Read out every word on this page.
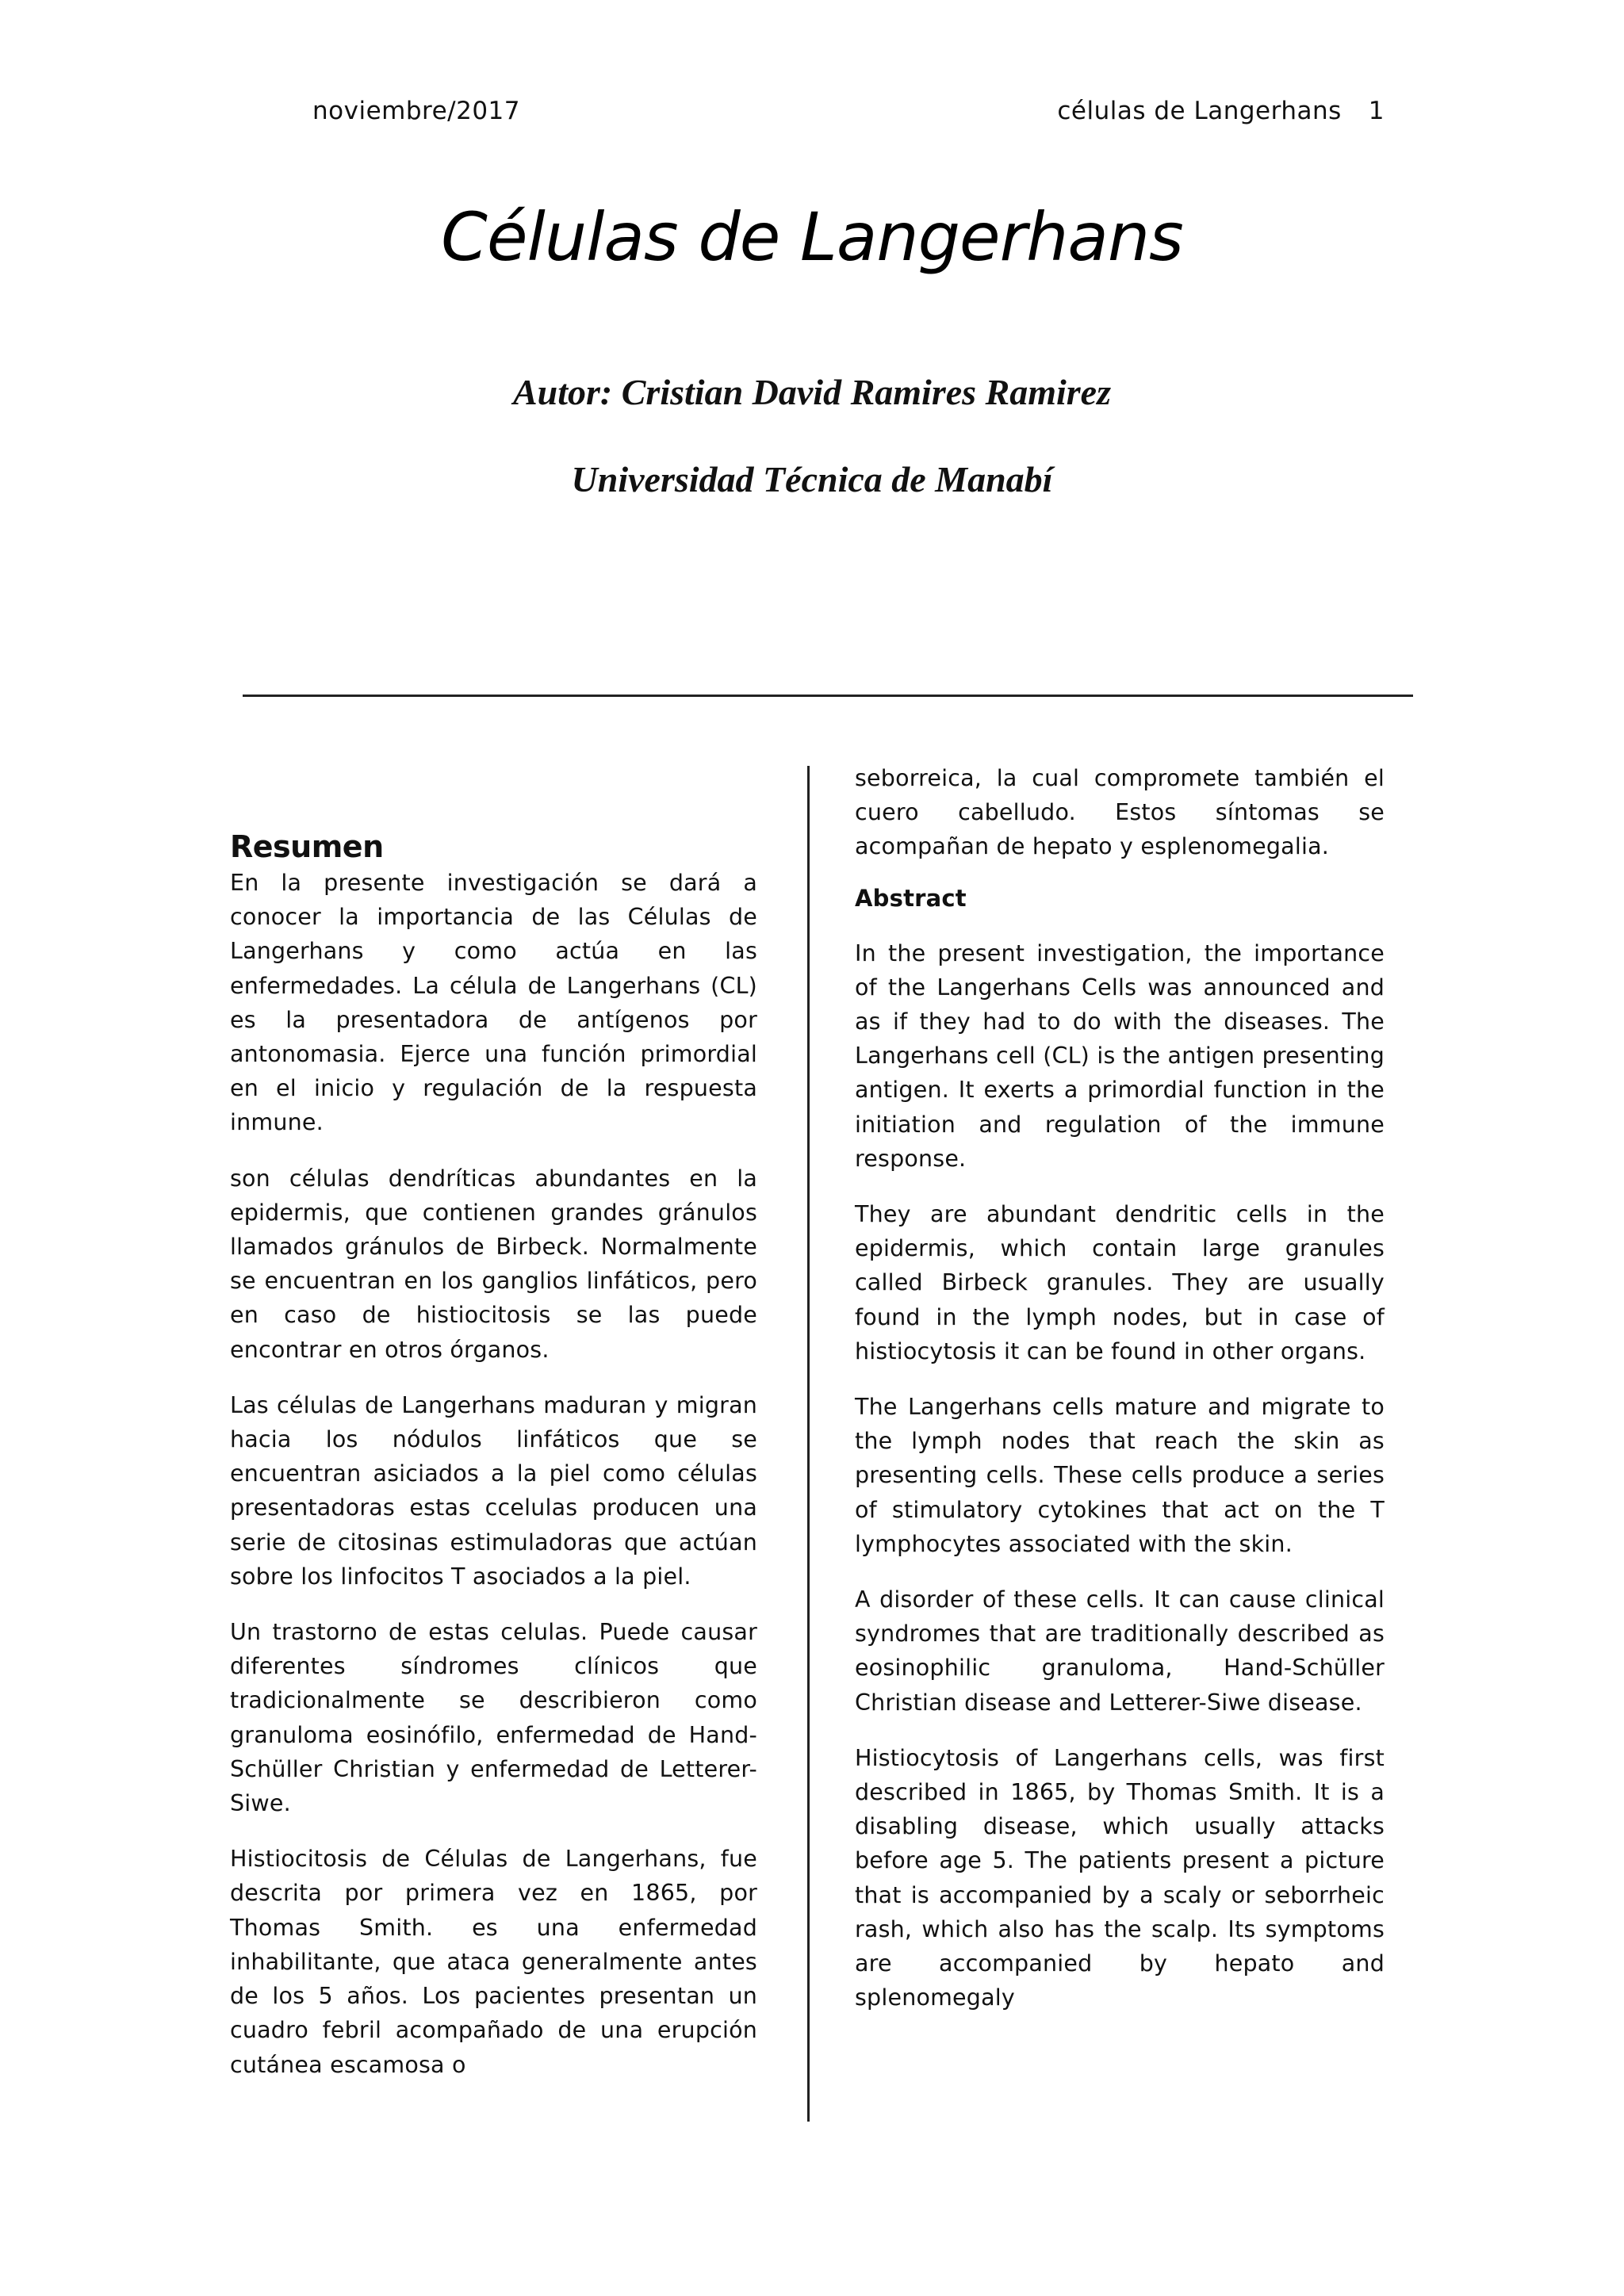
noviembre/2017	células de Langerhans 1
Células de Langerhans
Autor: Cristian David Ramires Ramirez
Universidad Técnica de Manabí
Resumen

En la presente investigación se dará a conocer la importancia de las Células de Langerhans y como actúa en las enfermedades. La célula de Langerhans (CL) es la presentadora de antígenos por antonomasia. Ejerce una función primordial en el inicio y regulación de la respuesta inmune.

son células dendríticas abundantes en la epidermis, que contienen grandes gránulos llamados gránulos de Birbeck. Normalmente se encuentran en los ganglios linfáticos, pero en caso de histiocitosis se las puede encontrar en otros órganos.

Las células de Langerhans maduran y migran hacia los nódulos linfáticos que se encuentran asiciados a la piel como células presentadoras estas ccelulas producen una serie de citosinas estimuladoras que actúan sobre los linfocitos T asociados a la piel.

Un trastorno de estas celulas. Puede causar diferentes síndromes clínicos que tradicionalmente se describieron como granuloma eosinófilo, enfermedad de Hand-Schüller Christian y enfermedad de Letterer-Siwe.

Histiocitosis de Células de Langerhans, fue descrita por primera vez en 1865, por Thomas Smith. es una enfermedad inhabilitante, que ataca generalmente antes de los 5 años. Los pacientes presentan un cuadro febril acompañado de una erupción cutánea escamosa o

seborreica, la cual compromete también el cuero cabelludo. Estos síntomas se acompañan de hepato y esplenomegalia.

Abstract

In the present investigation, the importance of the Langerhans Cells was announced and as if they had to do with the diseases. The Langerhans cell (CL) is the antigen presenting antigen. It exerts a primordial function in the initiation and regulation of the immune response.

They are abundant dendritic cells in the epidermis, which contain large granules called Birbeck granules. They are usually found in the lymph nodes, but in case of histiocytosis it can be found in other organs.

The Langerhans cells mature and migrate to the lymph nodes that reach the skin as presenting cells. These cells produce a series of stimulatory cytokines that act on the T lymphocytes associated with the skin.

A disorder of these cells. It can cause clinical syndromes that are traditionally described as eosinophilic granuloma, Hand-Schüller Christian disease and Letterer-Siwe disease.

Histiocytosis of Langerhans cells, was first described in 1865, by Thomas Smith. It is a disabling disease, which usually attacks before age 5. The patients present a picture that is accompanied by a scaly or seborrheic rash, which also has the scalp. Its symptoms are accompanied by hepato and splenomegaly
